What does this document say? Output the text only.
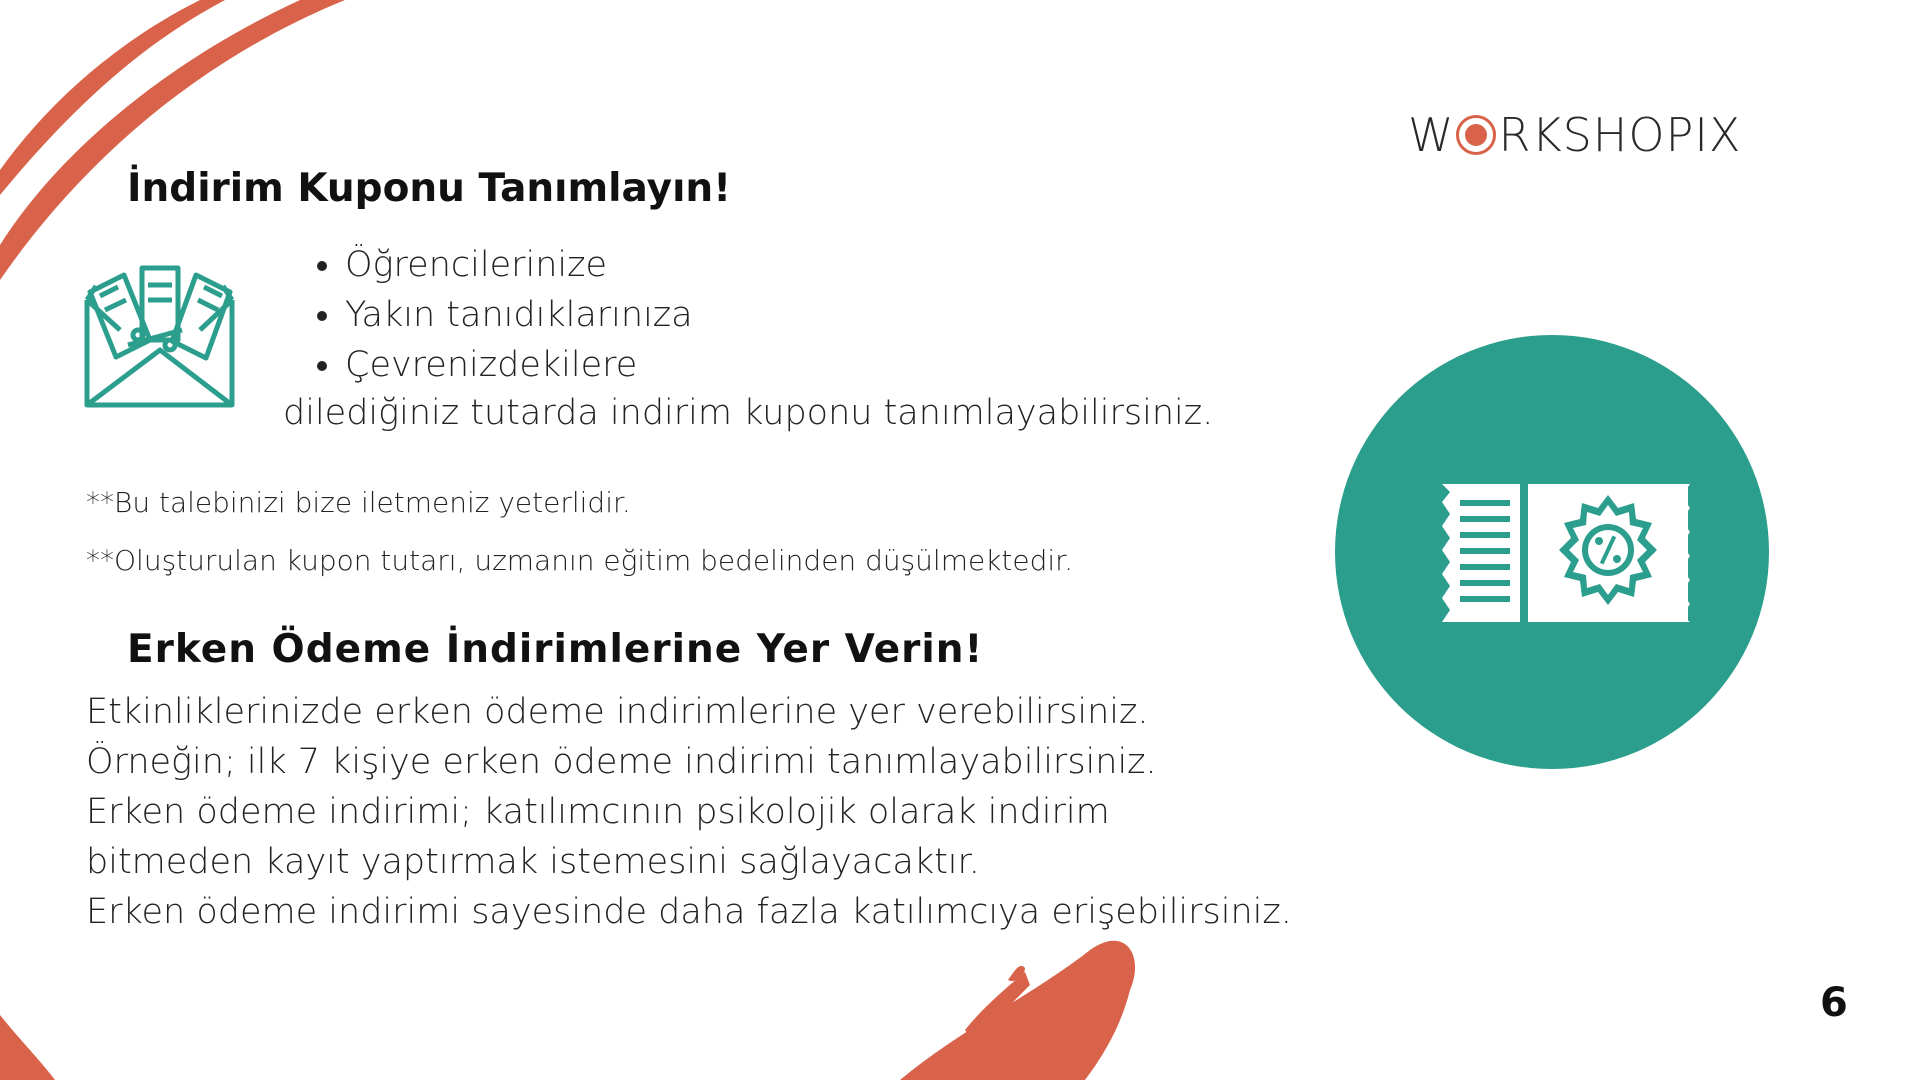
W RKSHOPIX
İndirim Kuponu Tanımlayın!
Öğrencilerinize
Yakın tanıdıklarınıza
Çevrenizdekilere
dilediğiniz tutarda indirim kuponu tanımlayabilirsiniz.
**Bu talebinizi bize iletmeniz yeterlidir.
**Oluşturulan kupon tutarı, uzmanın eğitim bedelinden düşülmektedir.
Erken Ödeme İndirimlerine Yer Verin!
Etkinliklerinizde erken ödeme indirimlerine yer verebilirsiniz.
Örneğin; ilk 7 kişiye erken ödeme indirimi tanımlayabilirsiniz.
Erken ödeme indirimi; katılımcının psikolojik olarak indirim
bitmeden kayıt yaptırmak istemesini sağlayacaktır.
Erken ödeme indirimi sayesinde daha fazla katılımcıya erişebilirsiniz.
6
